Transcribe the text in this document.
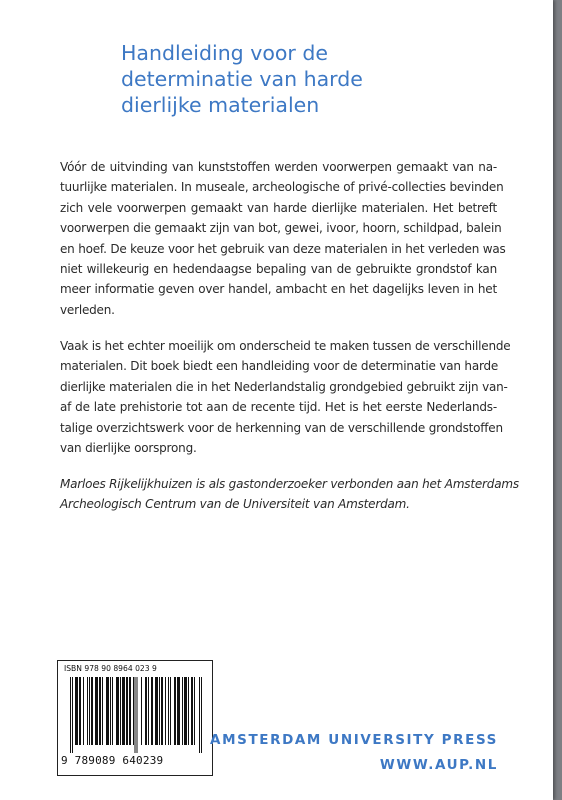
Handleiding voor de
determinatie van harde
dierlijke materialen

Vóór de uitvinding van kunststoffen werden voorwerpen gemaakt van na-
tuurlijke materialen. In museale, archeologische of privé-collecties bevinden
zich vele voorwerpen gemaakt van harde dierlijke materialen. Het betreft
voorwerpen die gemaakt zijn van bot, gewei, ivoor, hoorn, schildpad, balein
en hoef. De keuze voor het gebruik van deze materialen in het verleden was
niet willekeurig en hedendaagse bepaling van de gebruikte grondstof kan
meer informatie geven over handel, ambacht en het dagelijks leven in het
verleden.

Vaak is het echter moeilijk om onderscheid te maken tussen de verschillende
materialen. Dit boek biedt een handleiding voor de determinatie van harde
dierlijke materialen die in het Nederlandstalig grondgebied gebruikt zijn van-
af de late prehistorie tot aan de recente tijd. Het is het eerste Nederlands-
talige overzichtswerk voor de herkenning van de verschillende grondstoffen
van dierlijke oorsprong.

Marloes Rijkelijkhuizen is als gastonderzoeker verbonden aan het Amsterdams
Archeologisch Centrum van de Universiteit van Amsterdam.

ISBN 978 90 8964 023 9
9 789089 640239
AMSTERDAM UNIVERSITY PRESS
WWW.AUP.NL
